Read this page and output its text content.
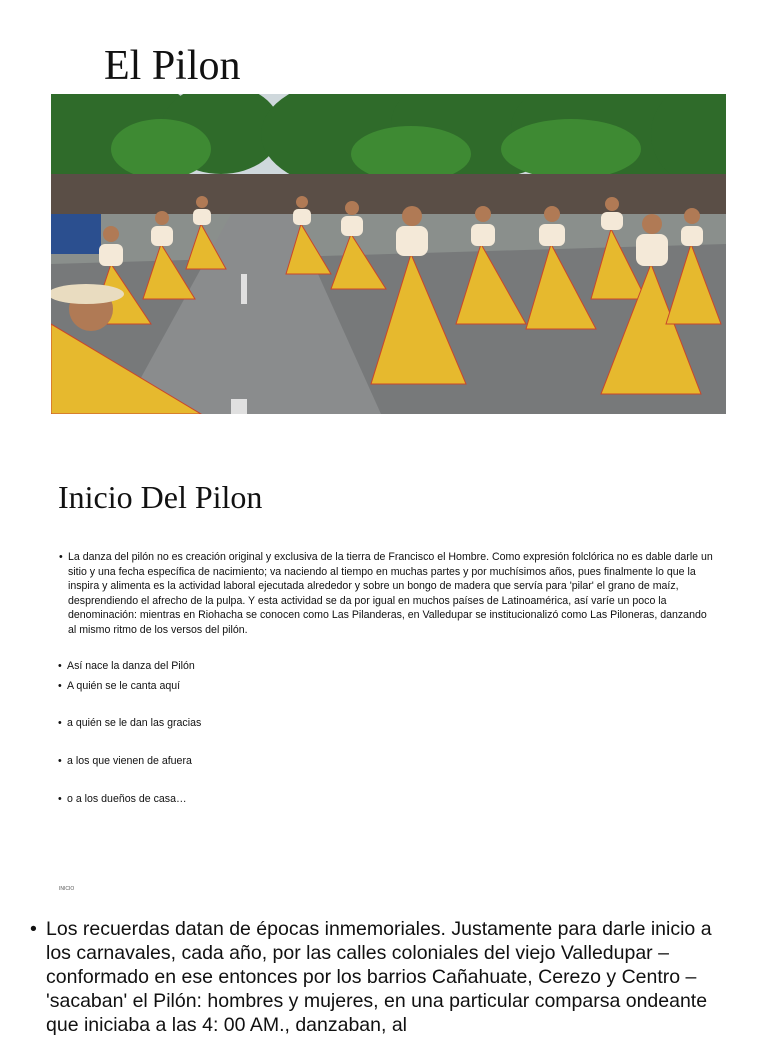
El Pilon
Inicio Del Pilon
• La danza del pilón no es creación original y exclusiva de la tierra de Francisco el Hombre. Como expresión folclórica no es dable darle un sitio y una fecha específica de nacimiento; va naciendo al tiempo en muchas partes y por muchísimos años, pues finalmente lo que la inspira y alimenta es la actividad laboral ejecutada alrededor y sobre un bongo de madera que servía para 'pilar' el grano de maíz, desprendiendo el afrecho de la pulpa. Y esta actividad se da por igual en muchos países de Latinoamérica, así varíe un poco la denominación: mientras en Riohacha se conocen como Las Pilanderas, en Valledupar se institucionalizó como Las Piloneras, danzando al mismo ritmo de los versos del pilón.
• Así nace la danza del Pilón
• A quién se le canta aquí
• a quién se le dan las gracias
• a los que vienen de afuera
• o a los dueños de casa…
INICIO
• Los recuerdas datan de épocas inmemoriales. Justamente para darle inicio a los carnavales, cada año, por las calles coloniales del viejo Valledupar – conformado en ese entonces por los barrios Cañahuate, Cerezo y Centro – 'sacaban' el Pilón: hombres y mujeres, en una particular comparsa ondeante que iniciaba a las 4: 00 AM., danzaban, al
